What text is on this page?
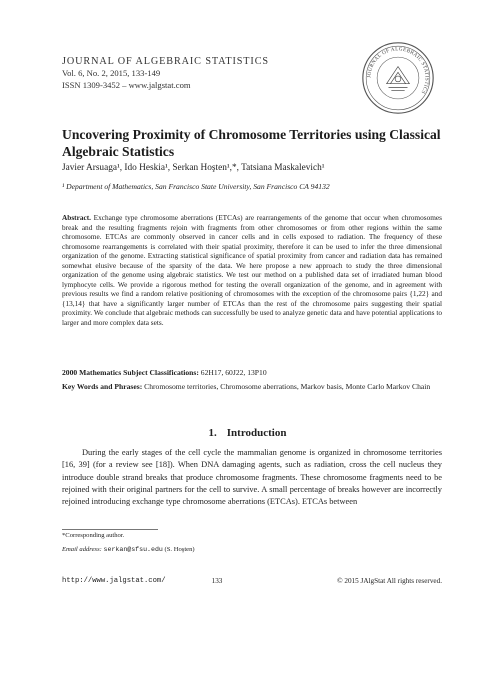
JOURNAL OF ALGEBRAIC STATISTICS
Vol. 6, No. 2, 2015, 133-149
ISSN 1309-3452 – www.jalgstat.com
JOURNAL OF ALGEBRAIC STATISTICS
Uncovering Proximity of Chromosome Territories using Classical Algebraic Statistics
Javier Arsuaga¹, Ido Heskia¹, Serkan Hoşten¹,*, Tatsiana Maskalevich¹
¹ Department of Mathematics, San Francisco State University, San Francisco CA 94132

Abstract. Exchange type chromosome aberrations (ETCAs) are rearrangements of the genome that occur when chromosomes break and the resulting fragments rejoin with fragments from other chromosomes or from other regions within the same chromosome. ETCAs are commonly observed in cancer cells and in cells exposed to radiation. The frequency of these chromosome rearrangements is correlated with their spatial proximity, therefore it can be used to infer the three dimensional organization of the genome. Extracting statistical significance of spatial proximity from cancer and radiation data has remained somewhat elusive because of the sparsity of the data. We here propose a new approach to study the three dimensional organization of the genome using algebraic statistics. We test our method on a published data set of irradiated human blood lymphocyte cells. We provide a rigorous method for testing the overall organization of the genome, and in agreement with previous results we find a random relative positioning of chromosomes with the exception of the chromosome pairs {1,22} and {13,14} that have a significantly larger number of ETCAs than the rest of the chromosome pairs suggesting their spatial proximity. We conclude that algebraic methods can successfully be used to analyze genetic data and have potential applications to larger and more complex data sets.

2000 Mathematics Subject Classifications: 62H17, 60J22, 13P10
Key Words and Phrases: Chromosome territories, Chromosome aberrations, Markov basis, Monte Carlo Markov Chain
1. Introduction

During the early stages of the cell cycle the mammalian genome is organized in chromosome territories [16, 39] (for a review see [18]). When DNA damaging agents, such as radiation, cross the cell nucleus they introduce double strand breaks that produce chromosome fragments. These chromosome fragments need to be rejoined with their original partners for the cell to survive. A small percentage of breaks however are incorrectly rejoined introducing exchange type chromosome aberrations (ETCAs). ETCAs between

*Corresponding author.
Email address: serkan@sfsu.edu (S. Hoşten)
http://www.jalgstat.com/	133	© 2015 JAlgStat All rights reserved.
